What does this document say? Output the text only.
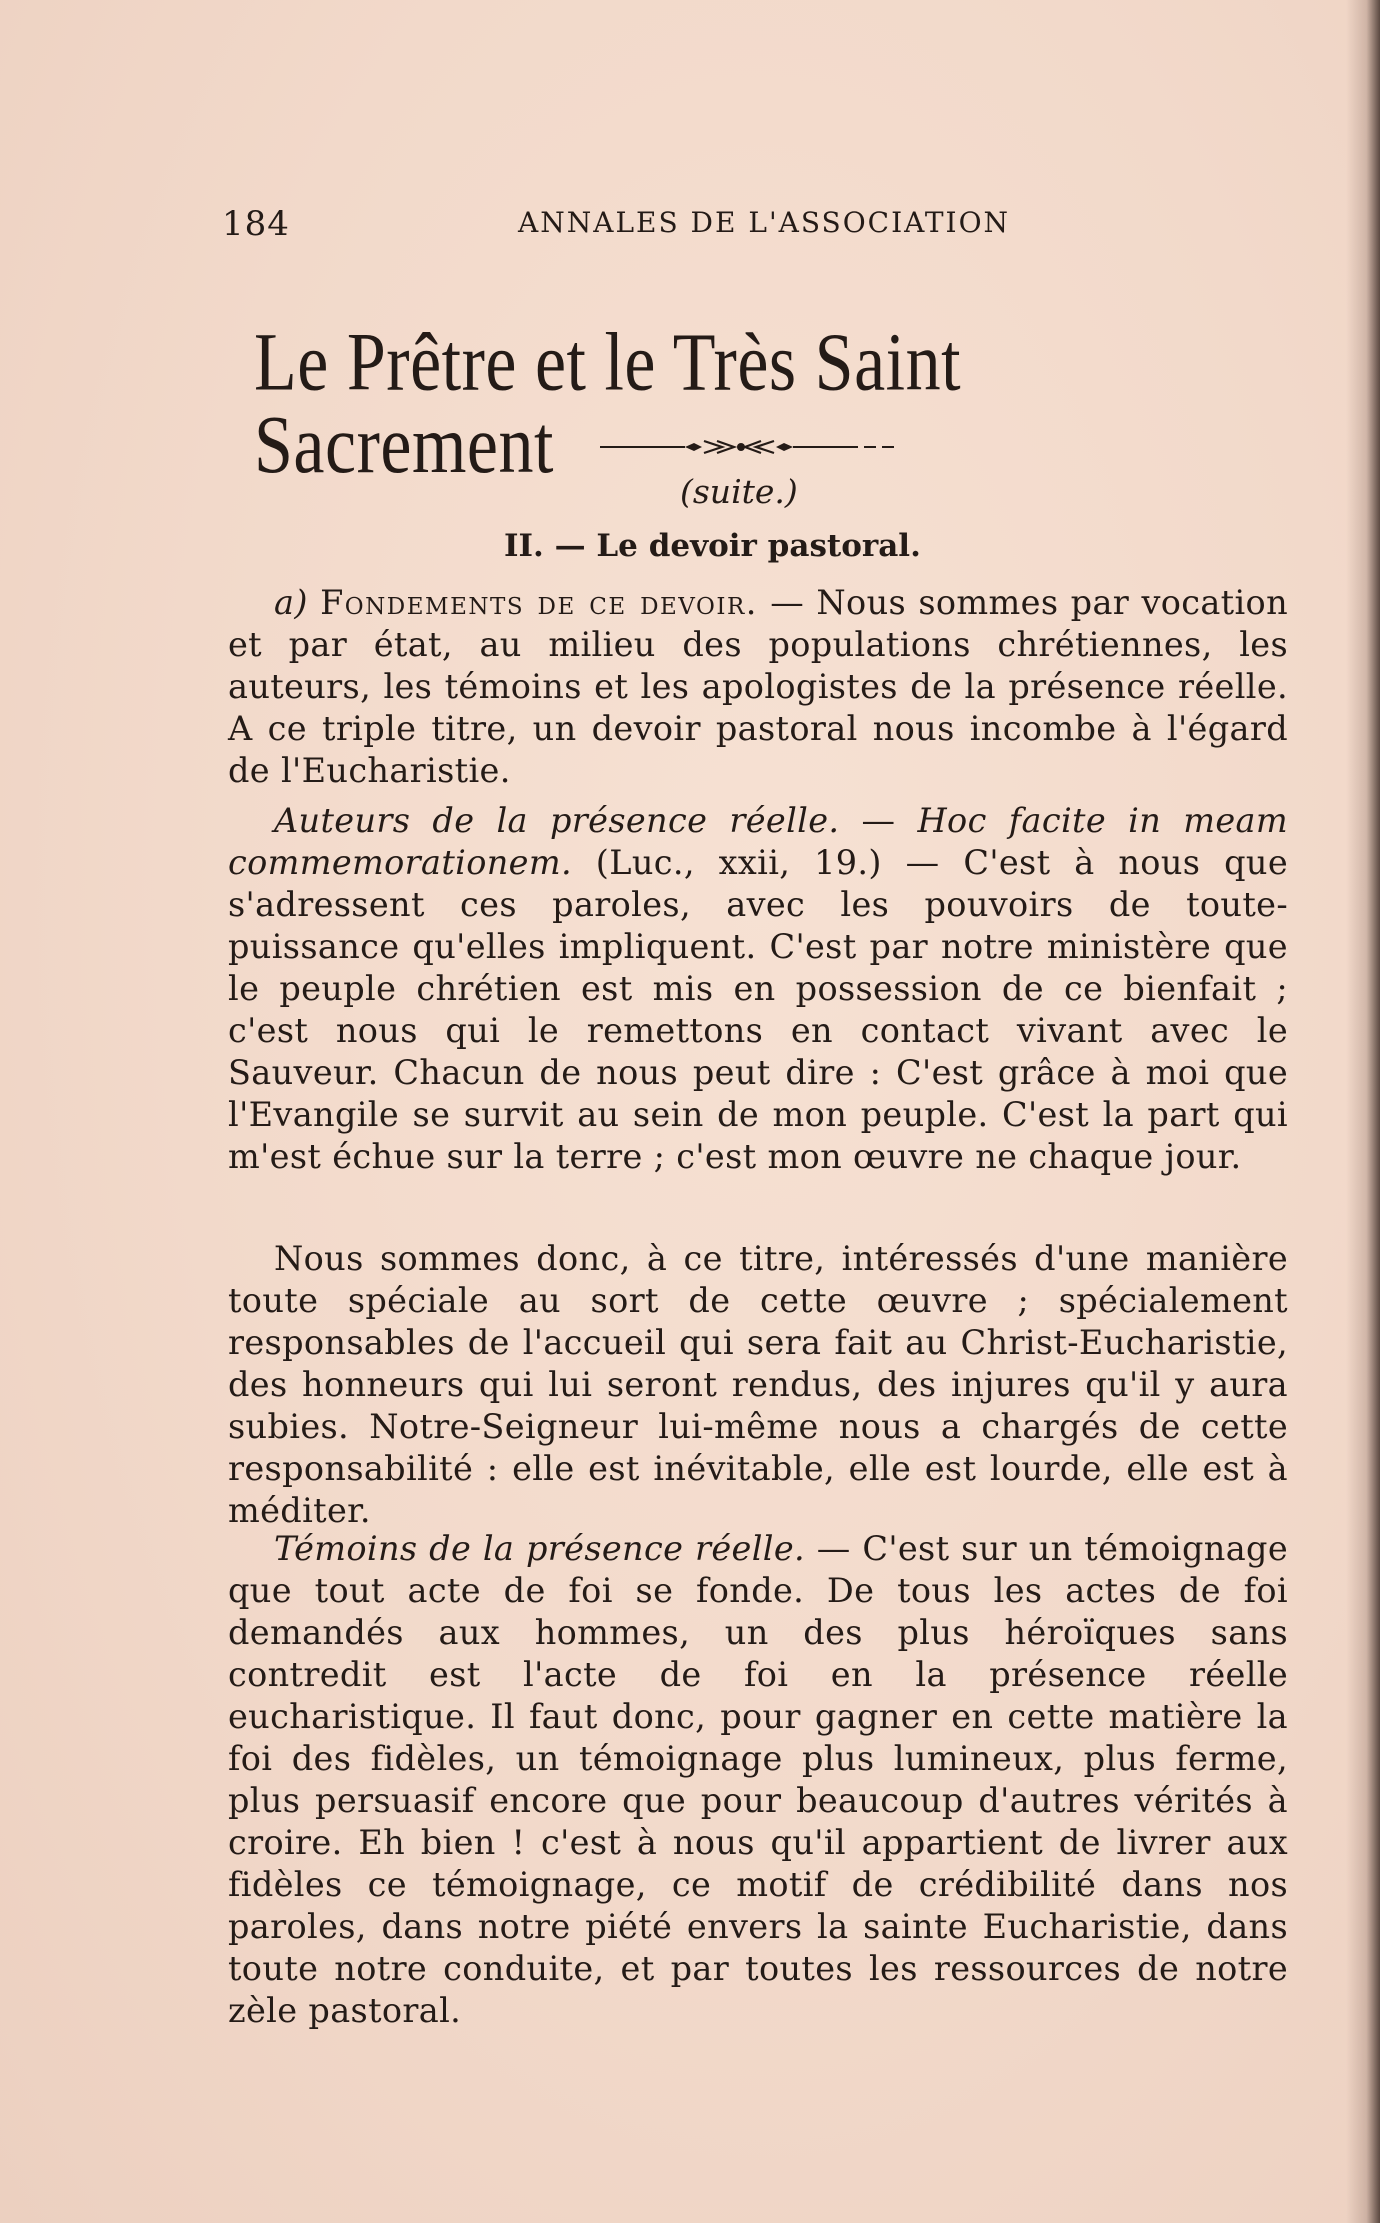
184	ANNALES DE L'ASSOCIATION
Le Prêtre et le Très Saint Sacrement
(suite.)
II. — Le devoir pastoral.

a) Fondements de ce devoir. — Nous sommes par vocation et par état, au milieu des populations chrétiennes, les auteurs, les témoins et les apologistes de la présence réelle. A ce triple titre, un devoir pastoral nous incombe à l'égard de l'Eucharistie.

Auteurs de la présence réelle. — Hoc facite in meam commemorationem. (Luc., xxii, 19.) — C'est à nous que s'adressent ces paroles, avec les pouvoirs de toute-puissance qu'elles impliquent. C'est par notre ministère que le peuple chrétien est mis en possession de ce bienfait ; c'est nous qui le remettons en contact vivant avec le Sauveur. Chacun de nous peut dire : C'est grâce à moi que l'Evangile se survit au sein de mon peuple. C'est la part qui m'est échue sur la terre ; c'est mon œuvre ne chaque jour.

Nous sommes donc, à ce titre, intéressés d'une manière toute spéciale au sort de cette œuvre ; spécialement responsables de l'accueil qui sera fait au Christ-Eucharistie, des honneurs qui lui seront rendus, des injures qu'il y aura subies. Notre-Seigneur lui-même nous a chargés de cette responsabilité : elle est inévitable, elle est lourde, elle est à méditer.

Témoins de la présence réelle. — C'est sur un témoignage que tout acte de foi se fonde. De tous les actes de foi demandés aux hommes, un des plus héroïques sans contredit est l'acte de foi en la présence réelle eucharistique. Il faut donc, pour gagner en cette matière la foi des fidèles, un témoignage plus lumineux, plus ferme, plus persuasif encore que pour beaucoup d'autres vérités à croire. Eh bien ! c'est à nous qu'il appartient de livrer aux fidèles ce témoignage, ce motif de crédibilité dans nos paroles, dans notre piété envers la sainte Eucharistie, dans toute notre conduite, et par toutes les ressources de notre zèle pastoral.
